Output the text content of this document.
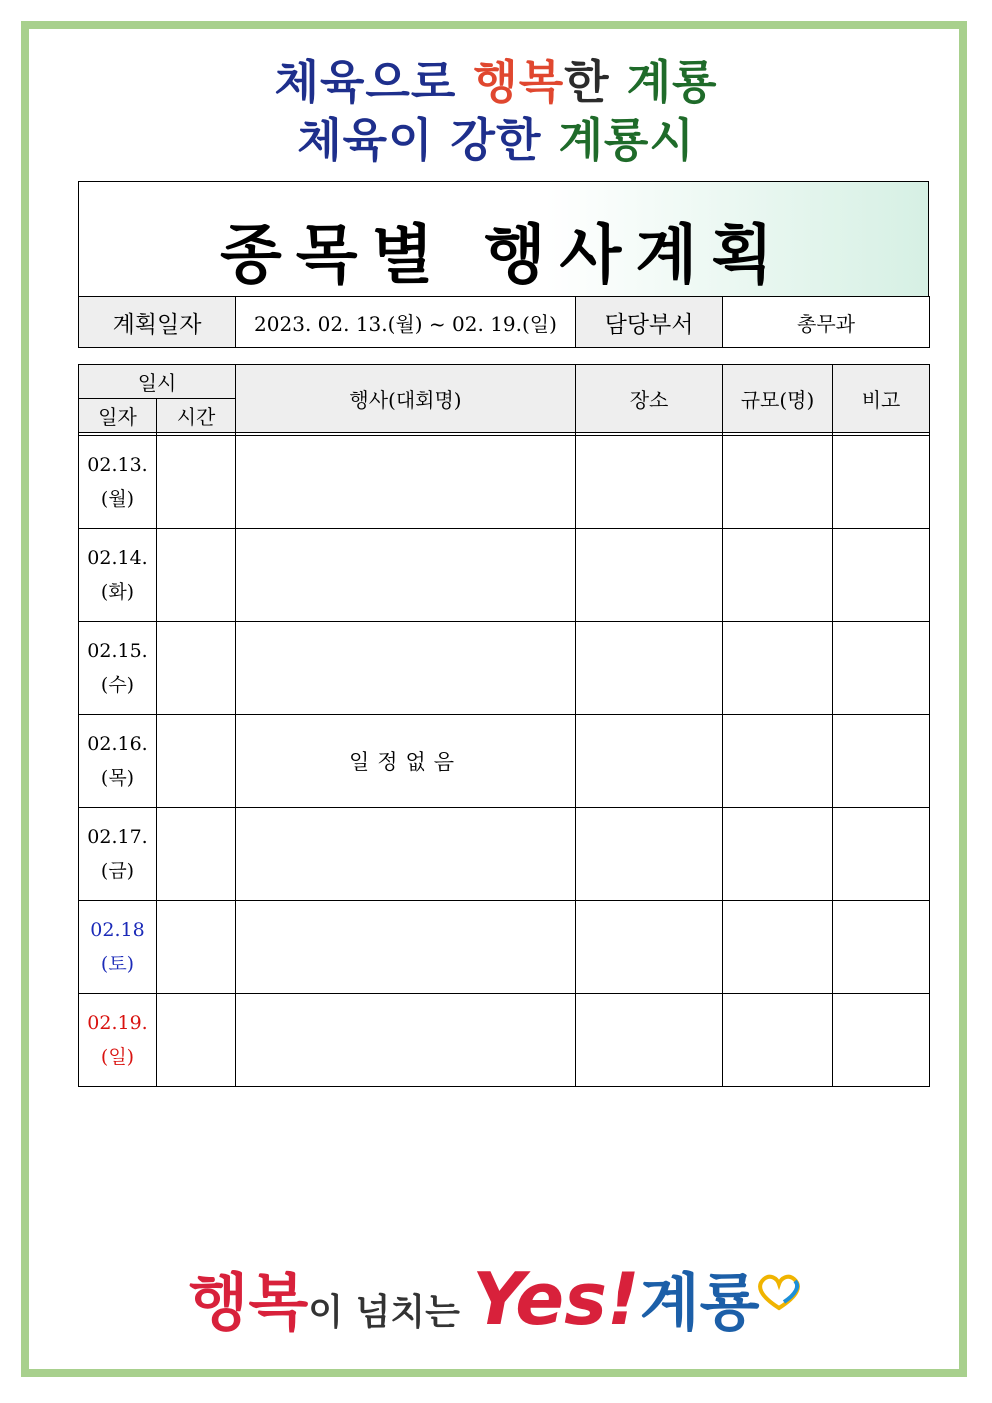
체육으로 행복한 계룡
체육이 강한 계룡시
종목별 행사계획
계획일자	2023. 02. 13.(월) ~ 02. 19.(일)	담당부서	총무과
일시		행사(대회명)	장소	규모(명)	비고
일자	시간				

02.13.
(월)					
02.14.
(화)					
02.15.
(수)					
02.16.
(목)		일정없음			
02.17.
(금)					
02.18
(토)					
02.19.
(일)					
행복이 넘치는 Yes!계룡
